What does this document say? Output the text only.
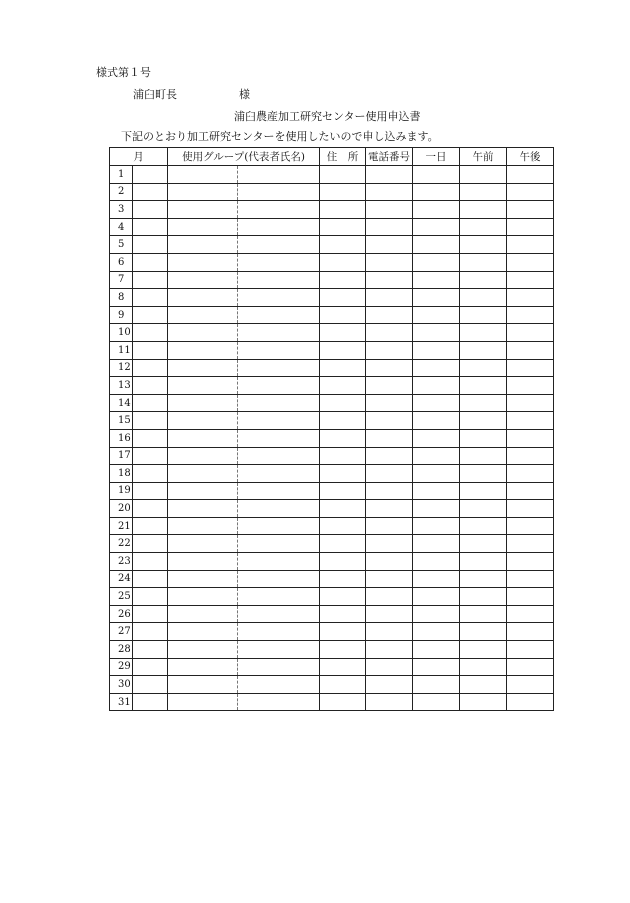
様式第１号
浦臼町長	様
浦臼農産加工研究センター使用申込書
下記のとおり加工研究センターを使用したいので申し込みます。
月		使用グループ(代表者氏名)		住　所	電話番号	一日	午前	午後
1								
2								
3								
4								
5								
6								
7								
8								
9								
10								
11								
12								
13								
14								
15								
16								
17								
18								
19								
20								
21								
22								
23								
24								
25								
26								
27								
28								
29								
30								
31								
